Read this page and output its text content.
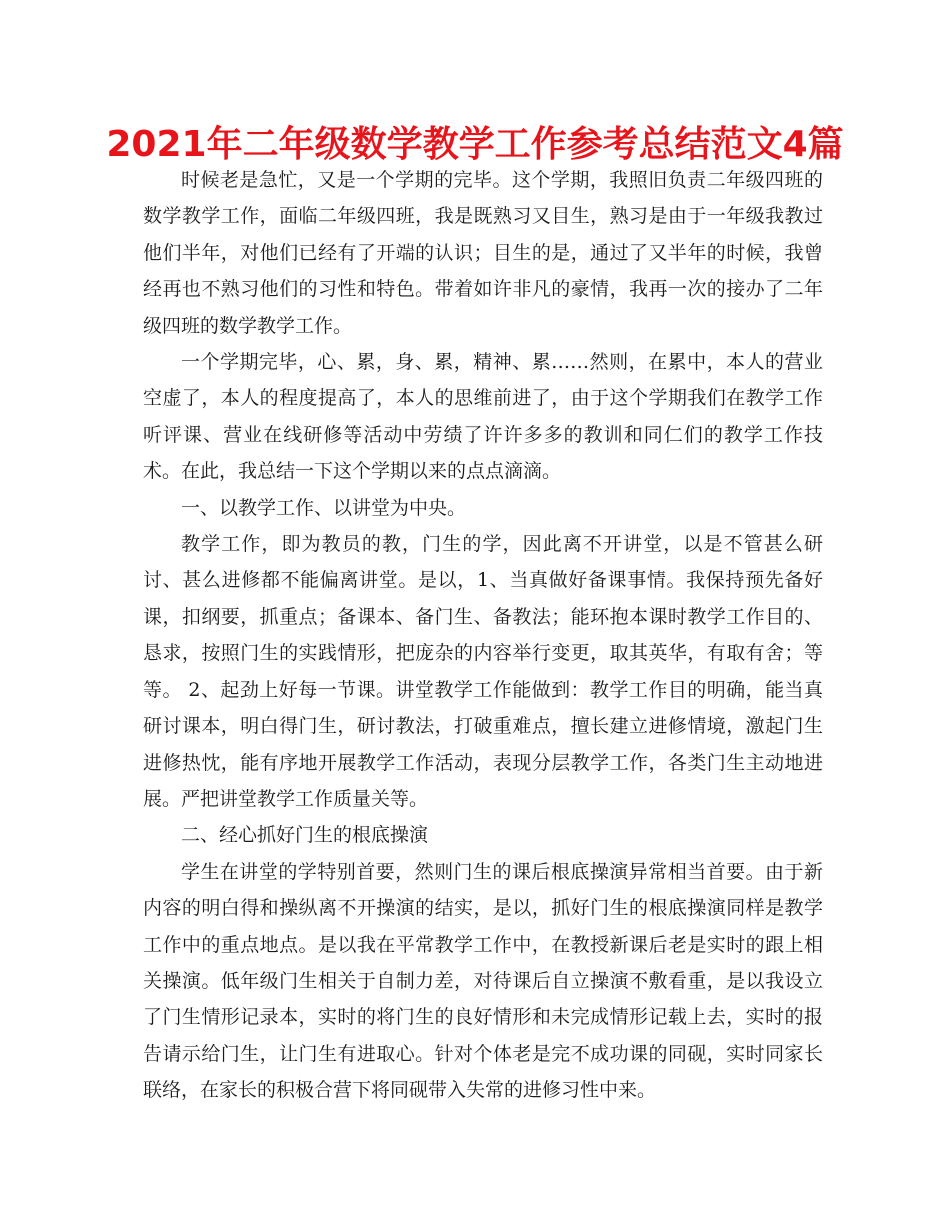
2021年二年级数学教学工作参考总结范文4篇

时候老是急忙，又是一个学期的完毕。这个学期，我照旧负责二年级四班的数学教学工作，面临二年级四班，我是既熟习又目生，熟习是由于一年级我教过他们半年，对他们已经有了开端的认识；目生的是，通过了又半年的时候，我曾经再也不熟习他们的习性和特色。带着如许非凡的豪情，我再一次的接办了二年级四班的数学教学工作。

一个学期完毕，心、累，身、累，精神、累……然则，在累中，本人的营业空虚了，本人的程度提高了，本人的思维前进了，由于这个学期我们在教学工作听评课、营业在线研修等活动中劳绩了许许多多的教训和同仁们的教学工作技术。在此，我总结一下这个学期以来的点点滴滴。

一、以教学工作、以讲堂为中央。

教学工作，即为教员的教，门生的学，因此离不开讲堂，以是不管甚么研讨、甚么进修都不能偏离讲堂。是以，1、当真做好备课事情。我保持预先备好课，扣纲要，抓重点；备课本、备门生、备教法；能环抱本课时教学工作目的、恳求，按照门生的实践情形，把庞杂的内容举行变更，取其英华，有取有舍；等等。 2、起劲上好每一节课。讲堂教学工作能做到：教学工作目的明确，能当真研讨课本，明白得门生，研讨教法，打破重难点，擅长建立进修情境，激起门生进修热忱，能有序地开展教学工作活动，表现分层教学工作，各类门生主动地进展。严把讲堂教学工作质量关等。

二、经心抓好门生的根底操演

学生在讲堂的学特别首要，然则门生的课后根底操演异常相当首要。由于新内容的明白得和操纵离不开操演的结实，是以，抓好门生的根底操演同样是教学工作中的重点地点。是以我在平常教学工作中，在教授新课后老是实时的跟上相关操演。低年级门生相关于自制力差，对待课后自立操演不敷看重，是以我设立了门生情形记录本，实时的将门生的良好情形和未完成情形记载上去，实时的报告请示给门生，让门生有进取心。针对个体老是完不成功课的同砚，实时同家长联络，在家长的积极合营下将同砚带入失常的进修习性中来。
